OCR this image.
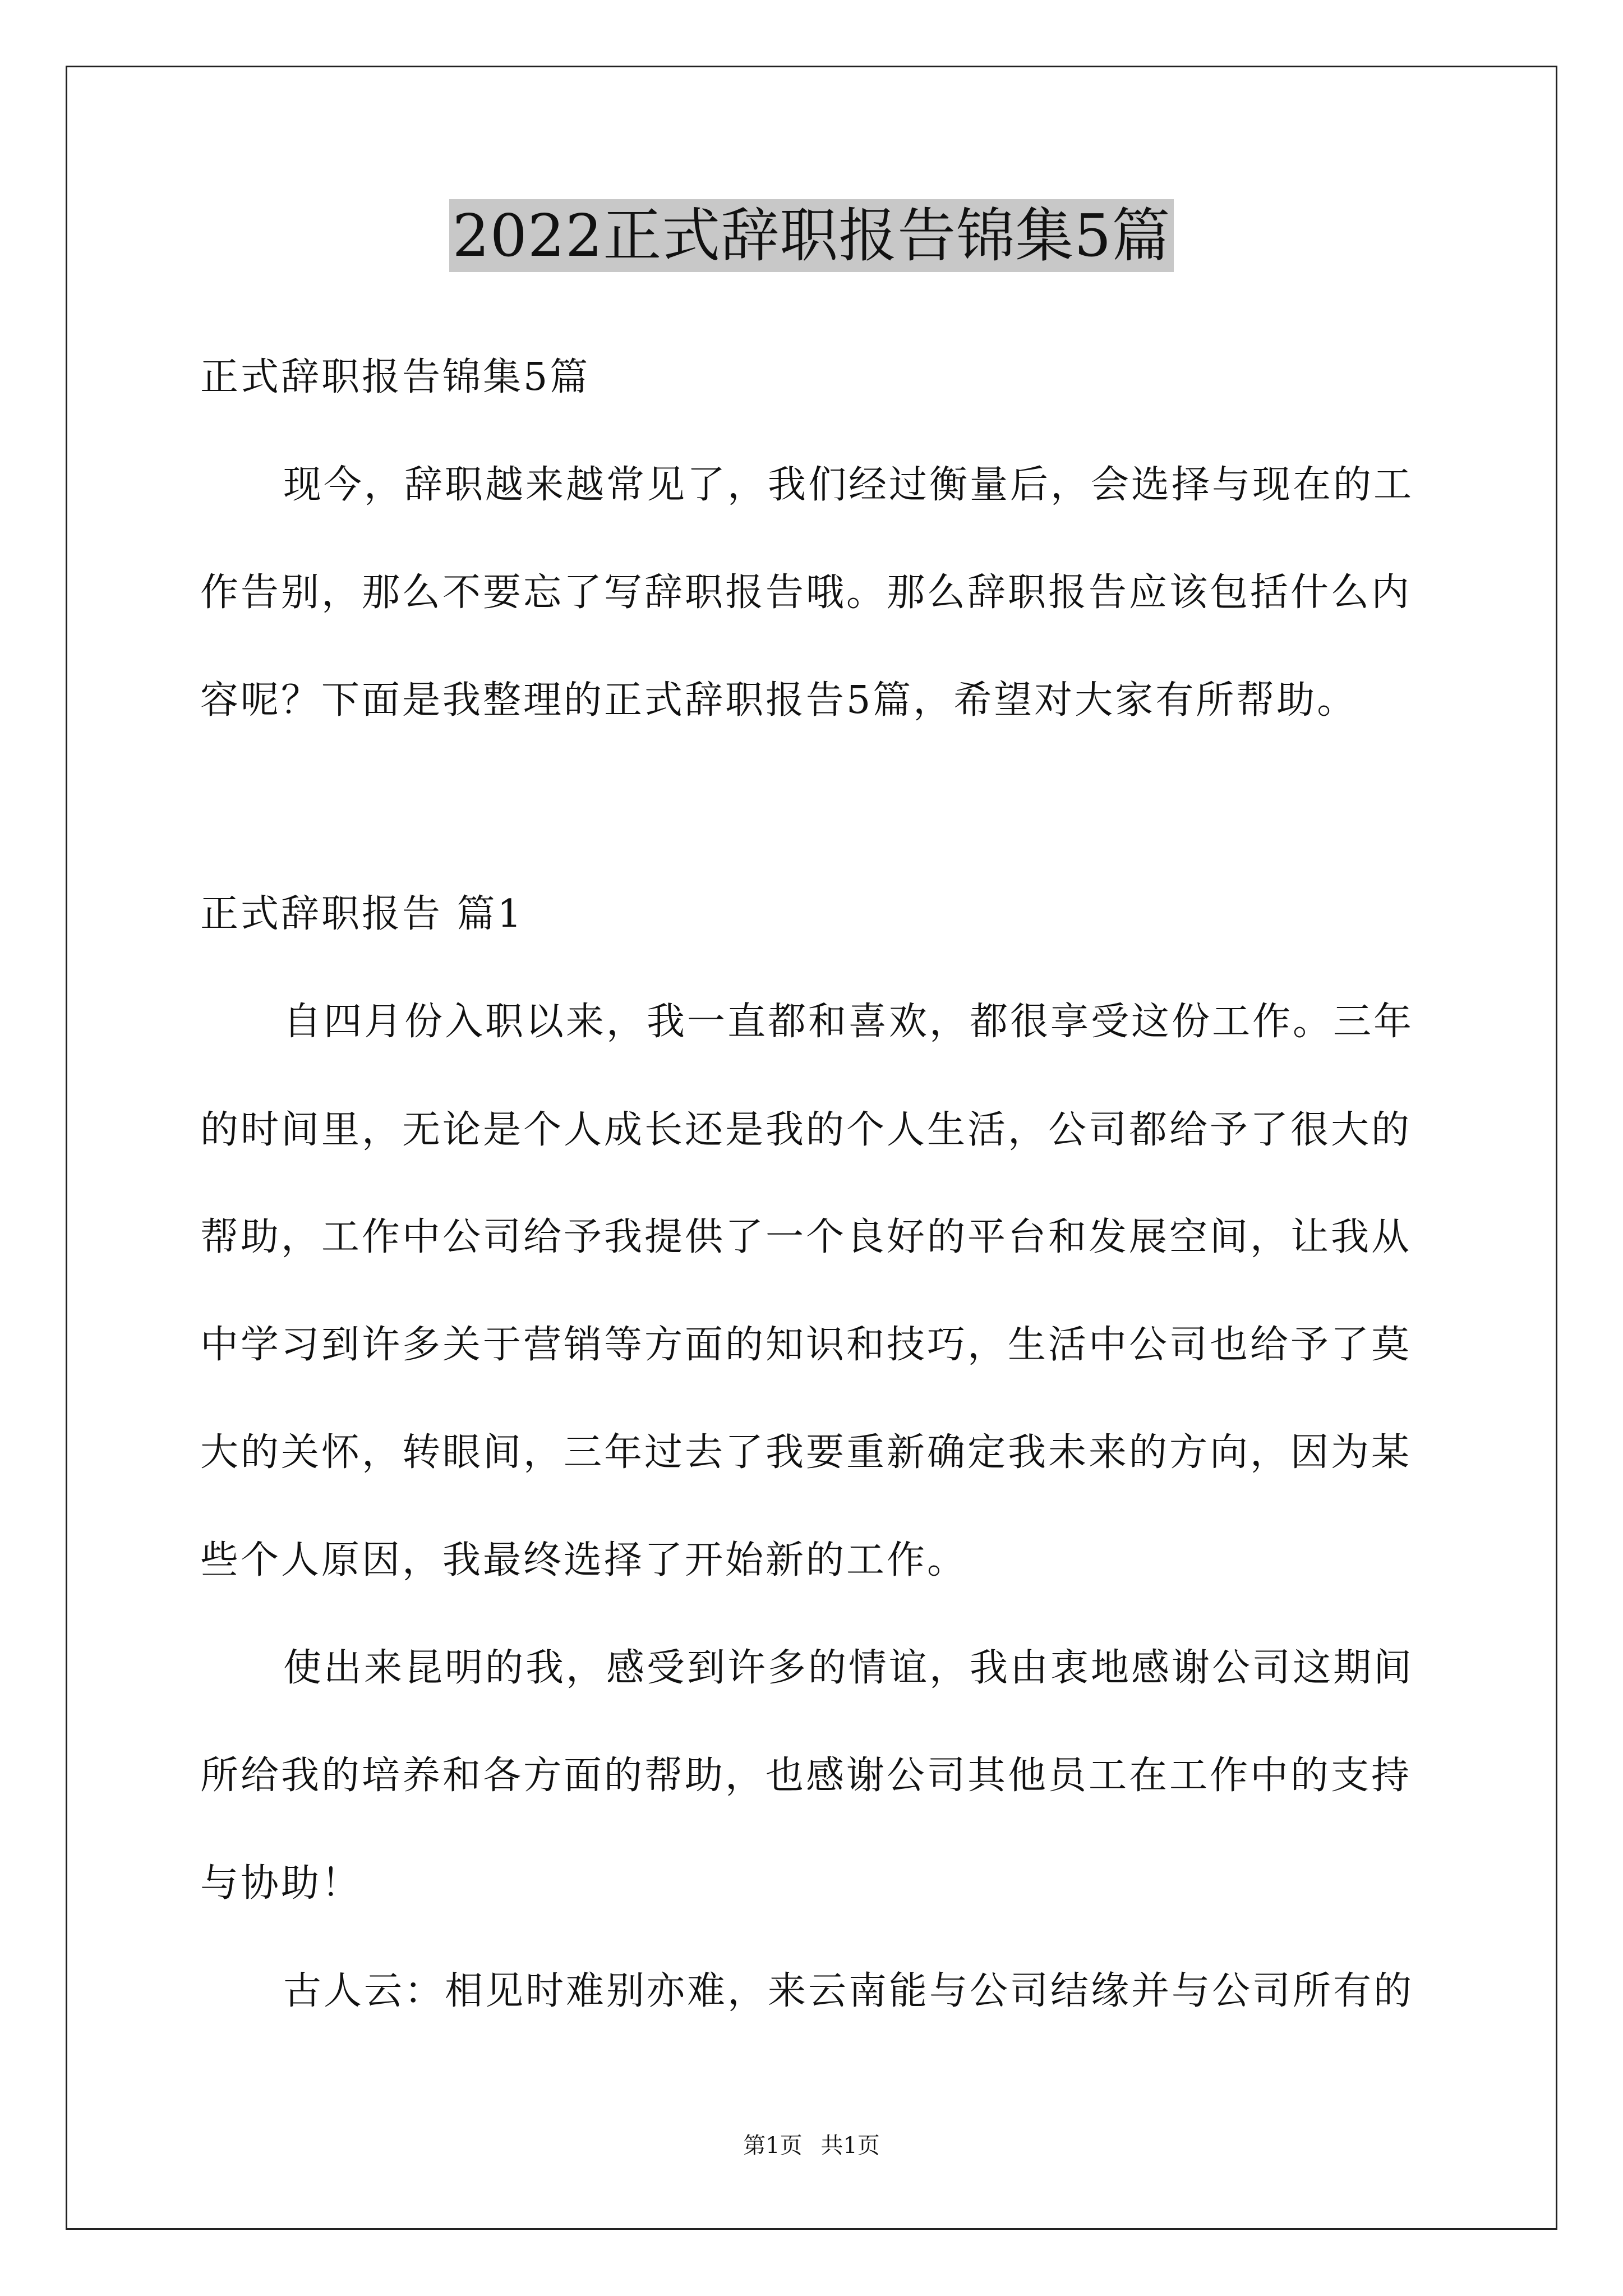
2022正式辞职报告锦集5篇
正式辞职报告锦集5篇
现今，辞职越来越常见了，我们经过衡量后，会选择与现在的工
作告别，那么不要忘了写辞职报告哦。那么辞职报告应该包括什么内
容呢？下面是我整理的正式辞职报告5篇，希望对大家有所帮助。
正式辞职报告 篇1
自四月份入职以来，我一直都和喜欢，都很享受这份工作。三年
的时间里，无论是个人成长还是我的个人生活，公司都给予了很大的
帮助，工作中公司给予我提供了一个良好的平台和发展空间，让我从
中学习到许多关于营销等方面的知识和技巧，生活中公司也给予了莫
大的关怀，转眼间，三年过去了我要重新确定我未来的方向，因为某
些个人原因，我最终选择了开始新的工作。
使出来昆明的我，感受到许多的情谊，我由衷地感谢公司这期间
所给我的培养和各方面的帮助，也感谢公司其他员工在工作中的支持
与协助！
古人云：相见时难别亦难，来云南能与公司结缘并与公司所有的
第1页 共1页
